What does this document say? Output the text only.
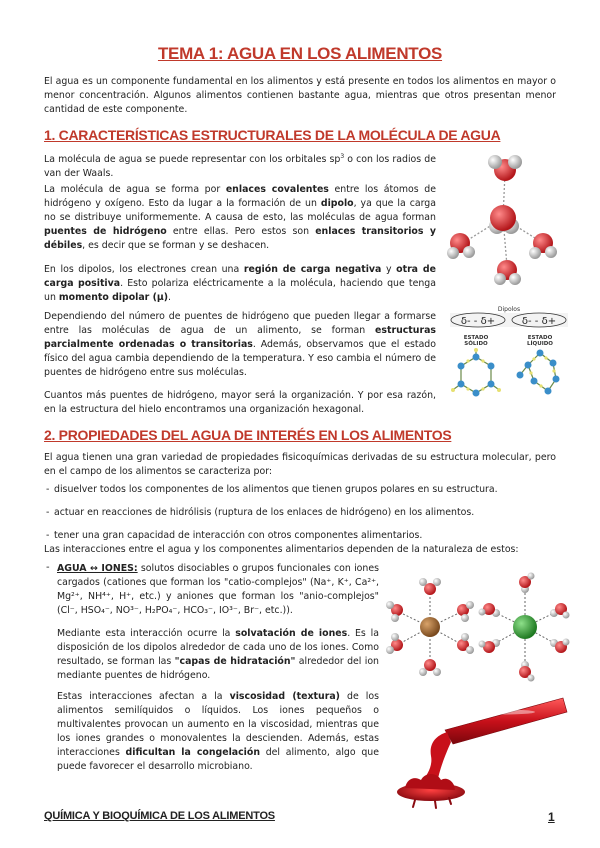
TEMA 1: AGUA EN LOS ALIMENTOS

El agua es un componente fundamental en los alimentos y está presente en todos los alimentos en mayor o menor concentración. Algunos alimentos contienen bastante agua, mientras que otros presentan menor cantidad de este componente.

1. CARACTERÍSTICAS ESTRUCTURALES DE LA MOLÉCULA DE AGUA

La molécula de agua se puede representar con los orbitales $sp^3$ o con los radios de van der Waals.

La molécula de agua se forma por enlaces covalentes entre los átomos de hidrógeno y oxígeno. Esto da lugar a la formación de un dipolo, ya que la carga no se distribuye uniformemente. A causa de esto, las moléculas de agua forman puentes de hidrógeno entre ellas. Pero estos son enlaces transitorios y débiles, es decir que se forman y se deshacen.

En los dipolos, los electrones crean una región de carga negativa y otra de carga positiva. Esto polariza eléctricamente a la molécula, haciendo que tenga un momento dipolar (µ).

Dependiendo del número de puentes de hidrógeno que pueden llegar a formarse entre las moléculas de agua de un alimento, se forman estructuras parcialmente ordenadas o transitorias. Además, observamos que el estado físico del agua cambia dependiendo de la temperatura. Y eso cambia el número de puentes de hidrógeno entre sus moléculas.

Cuantos más puentes de hidrógeno, mayor será la organización. Y por esa razón, en la estructura del hielo encontramos una organización hexagonal.

Dipolos
δ- - δ+	δ- - δ+
ESTADO
SÓLIDO
ESTADO
LÍQUIDO
2. PROPIEDADES DEL AGUA DE INTERÉS EN LOS ALIMENTOS

El agua tienen una gran variedad de propiedades fisicoquímicas derivadas de su estructura molecular, pero en el campo de los alimentos se caracteriza por:

- disuelver todos los componentes de los alimentos que tienen grupos polares en su estructura.
- actuar en reacciones de hidrólisis (ruptura de los enlaces de hidrógeno) en los alimentos.
- tener una gran capacidad de interacción con otros componentes alimentarios.

Las interacciones entre el agua y los componentes alimentarios dependen de la naturaleza de estos:

- AGUA ↔ IONES: solutos disociables o grupos funcionales con iones cargados (cationes que forman los "catio-complejos" (Na⁺, K⁺, Ca²⁺, Mg²⁺, NH⁴⁺, H⁺, etc.) y aniones que forman los "anio-complejos" (Cl⁻, HSO₄⁻, NO³⁻, H₂PO₄⁻, HCO₃⁻, IO³⁻, Br⁻, etc.)).

Mediante esta interacción ocurre la solvatación de iones. Es la disposición de los dipolos alrededor de cada uno de los iones. Como resultado, se forman las "capas de hidratación" alrededor del ion mediante puentes de hidrógeno.

Estas interacciones afectan a la viscosidad (textura) de los alimentos semilíquidos o líquidos. Los iones pequeños o multivalentes provocan un aumento en la viscosidad, mientras que los iones grandes o monovalentes la descienden. Además, estas interacciones dificultan la congelación del alimento, algo que puede favorecer el desarrollo microbiano.

QUÍMICA Y BIOQUÍMICA DE LOS ALIMENTOS	1
